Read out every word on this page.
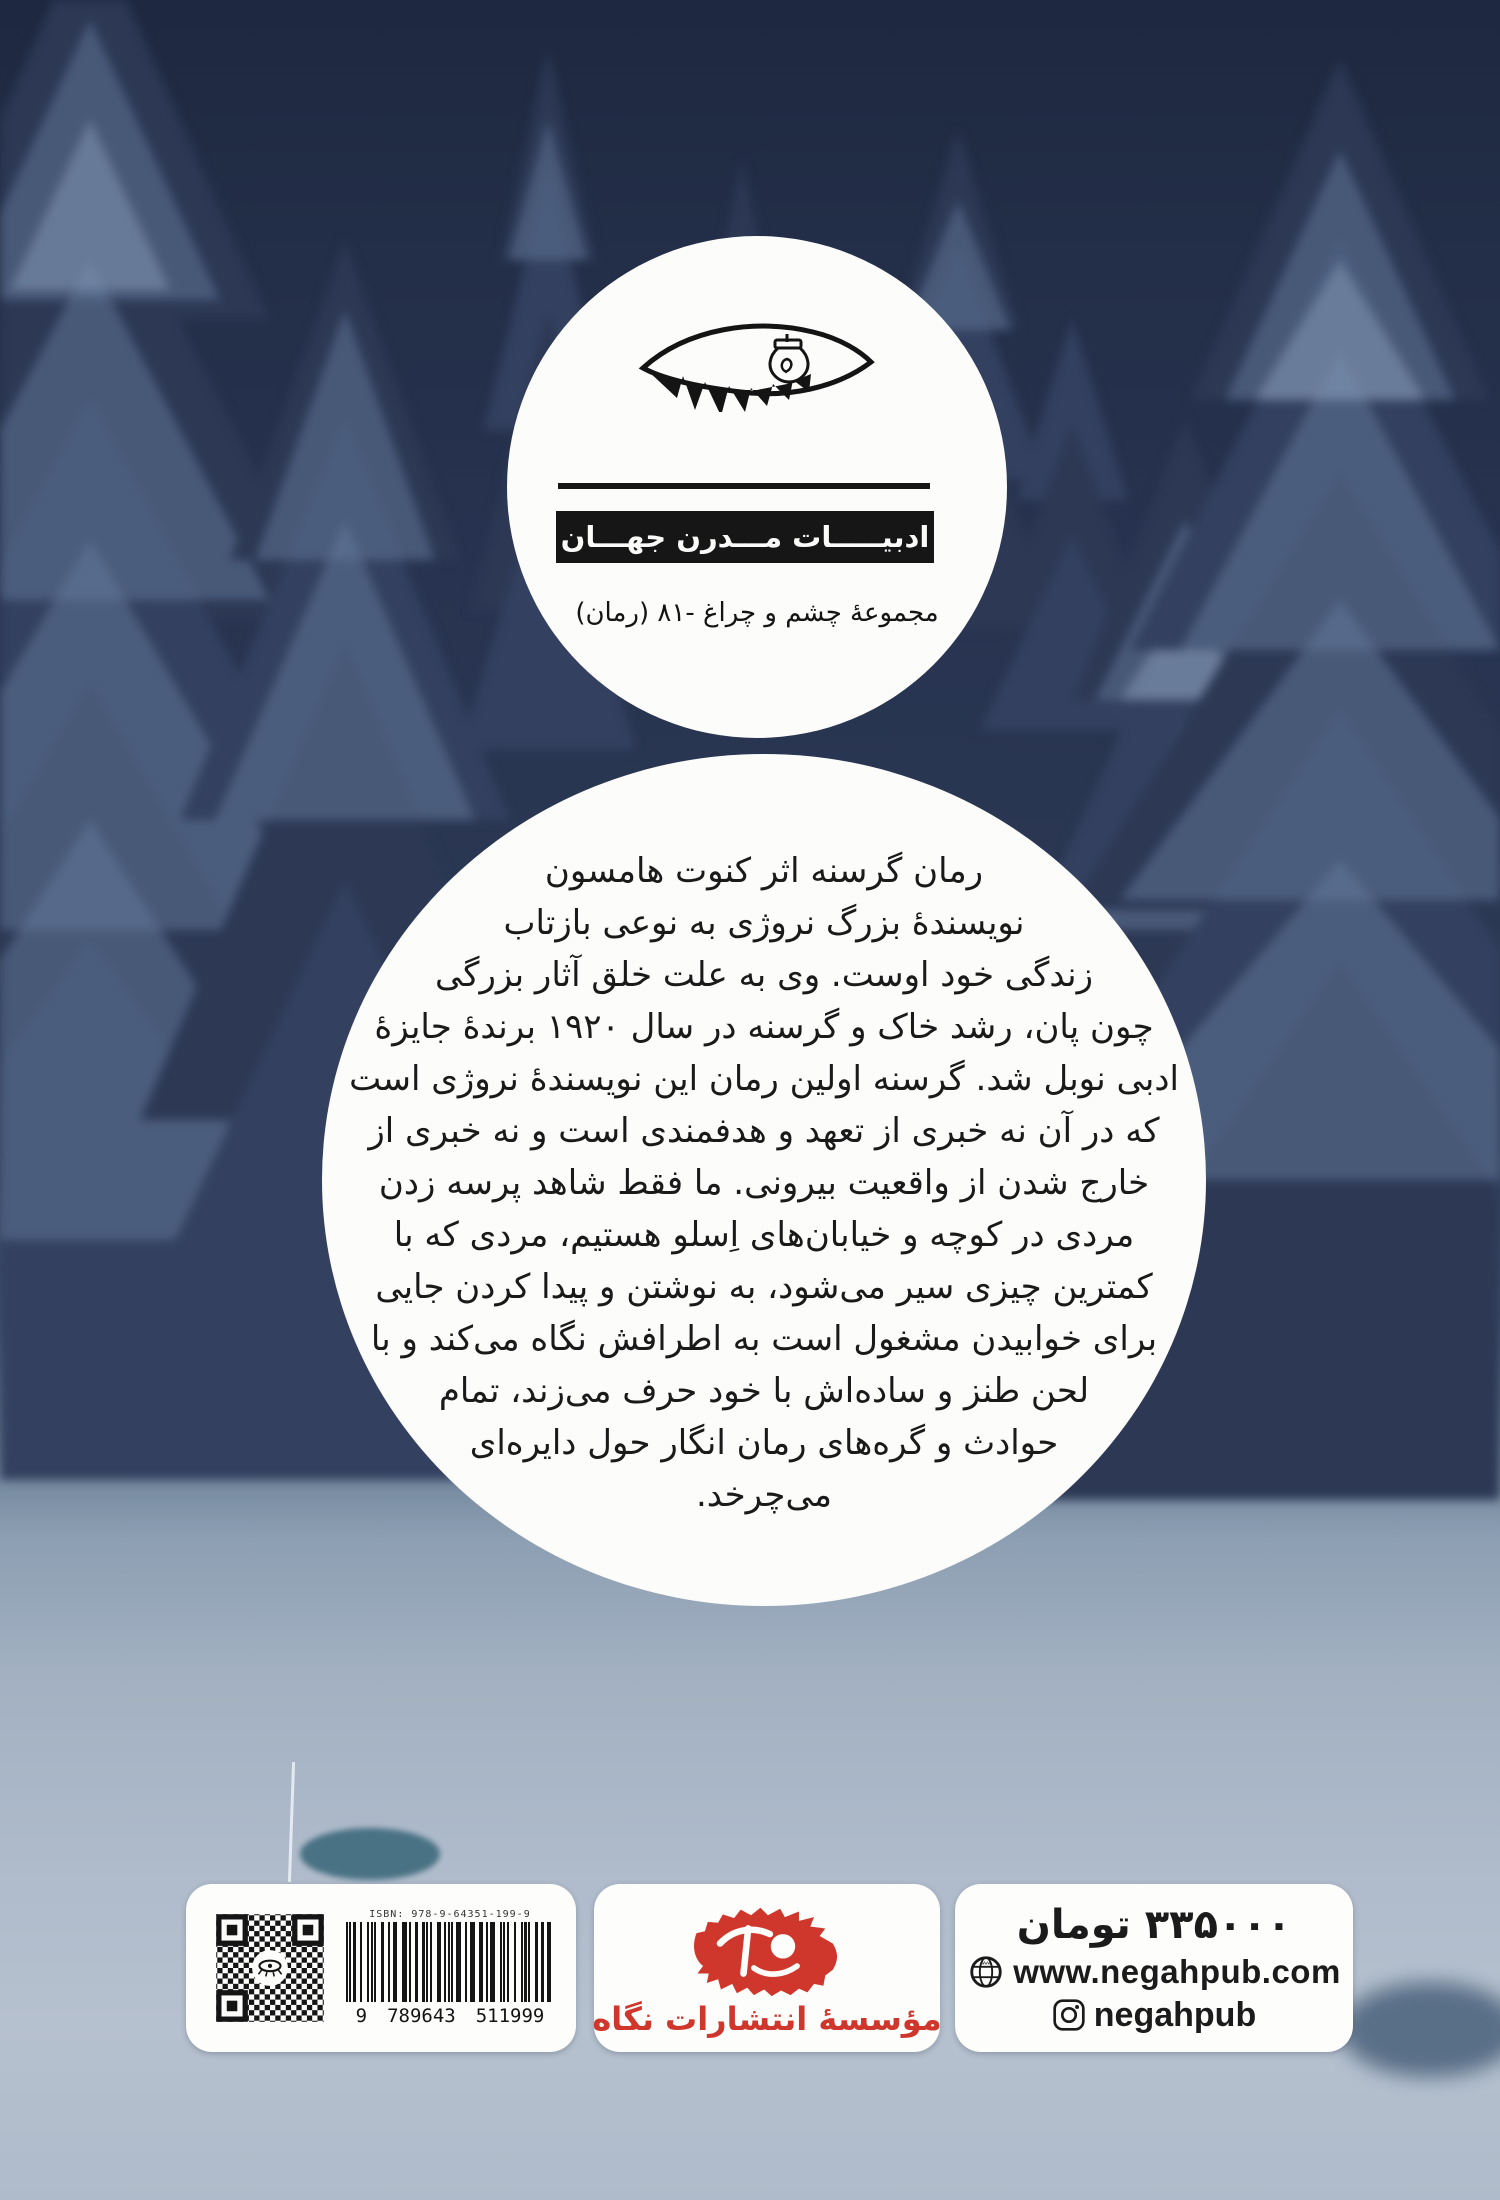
ادبیـــــات مـــدرن جهـــان
مجموعهٔ چشم و چراغ -۸۱ (رمان)
رمان گرسنه اثر کنوت هامسون
نویسندهٔ بزرگ نروژی به نوعی بازتاب
زندگی خود اوست. وی به علت خلق آثار بزرگی
چون پان، رشد خاک و گرسنه در سال ۱۹۲۰ برندهٔ جایزهٔ
ادبی نوبل شد. گرسنه اولین رمان این نویسندهٔ نروژی است
که در آن نه خبری از تعهد و هدفمندی است و نه خبری از
خارج شدن از واقعیت بیرونی. ما فقط شاهد پرسه زدن
مردی در کوچه و خیابان‌های اِسلو هستیم، مردی که با
کمترین چیزی سیر می‌شود، به نوشتن و پیدا کردن جایی
برای خوابیدن مشغول است به اطرافش نگاه می‌کند و با
لحن طنز و ساده‌اش با خود حرف می‌زند، تمام
حوادث و گره‌های رمان انگار حول دایره‌ای
می‌چرخد.
ISBN: 978-9-64351-199-9
9 789643 511999 مؤسسهٔ انتشارات نگاه
۳۳۵۰۰۰ تومان
www www.negahpub.com
negahpub
